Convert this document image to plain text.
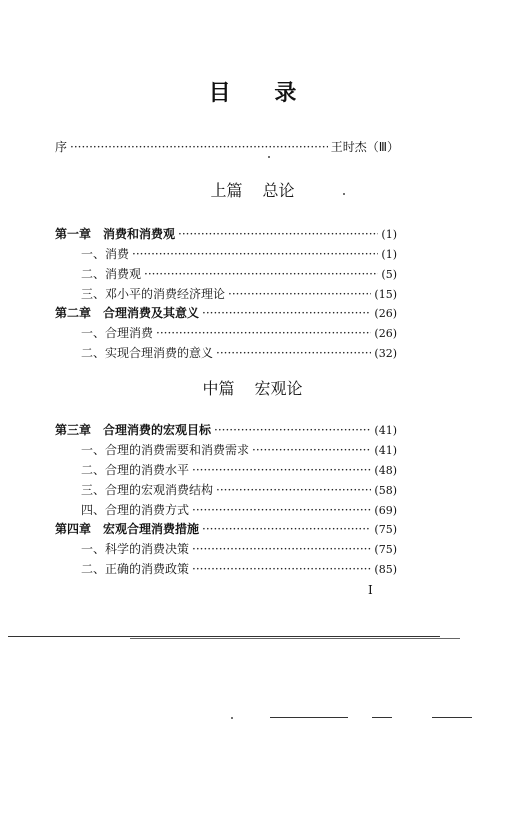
目 录
序 ·····	王时杰（Ⅲ）
上篇 总论
第一章　消费和消费观 ·····	(1)
一、消费 ·····	(1)
二、消费观 ·····	(5)
三、邓小平的消费经济理论 ·····	(15)
第二章　合理消费及其意义 ·····	(26)
一、合理消费 ·····	(26)
二、实现合理消费的意义 ·····	(32)
中篇 宏观论
第三章　合理消费的宏观目标 ·····	(41)
一、合理的消费需要和消费需求 ·····	(41)
二、合理的消费水平 ·····	(48)
三、合理的宏观消费结构 ·····	(58)
四、合理的消费方式 ·····	(69)
第四章　宏观合理消费措施 ·····	(75)
一、科学的消费决策 ·····	(75)
二、正确的消费政策 ·····	(85)
I
